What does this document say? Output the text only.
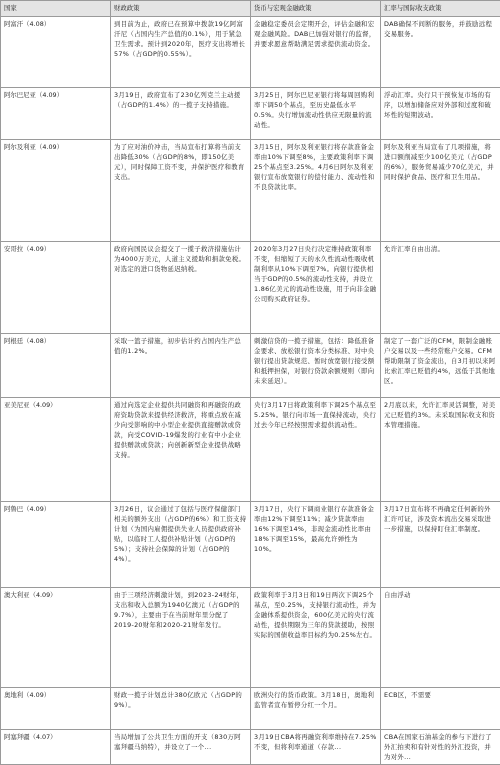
国家	财政政策	货币与宏观金融政策	汇率与国际收支政策
阿富汗（4.08）	到目前为止，政府已在预算中拨款19亿阿富汗尼（占国内生产总值的0.1%），用于紧急卫生需求。预计到2020年，医疗支出将增长57%（占GDP的0.55%）。	金融稳定委员会定期开会，评估金融和宏观金融风险。DAB已加强对银行的监督，并要求愿意帮助满足需求提供流动资金。	DAB确保不间断的服务，并鼓励远程交易服务。
阿尔巴尼亚（4.09）	3月19日，政府宣布了230亿列克兰主动援（占GDP的1.4%）的一揽子支持措施。	3月25日，阿尔巴尼亚银行将每周回购利率下调50个基点，至历史最低水平0.5%。央行增加流动性供应无限量的流动性。	浮动汇率。央行只干预恢复市场的有序，以增加储备应对外部和过度和破坏性的短期波动。
阿尔及利亚（4.09）	为了应对油价冲击，当局宣布打算将当前支出降低30%（占GDP的8%，即150亿美元），同时保障工资不变，并保护医疗和教育支出。	3月15日，阿尔及利亚银行将存款准备金率由10%下调至8%，主要政策利率下调25个基点至3.25%。4月6日阿尔及利亚银行宣布放宽银行的偿付能力、流动性和不良贷款比率。	阿尔及利亚当局宣布了几项措施，将进口额削减至少100亿美元（占GDP的6%），服务贸易减少70亿美元，并同时保护食品、医疗和卫生用品。
安哥拉（4.09）	政府向国民议会提交了一揽子救济措施估计为4000万美元，人道主义援助和捐款免税。对选定的进口货物延迟纳税。	2020年3月27日央行决定维持政策利率不变，但缩短了天的永久性流动性吸收机制利率从10%下调至7%。向银行提供相当于GDP的0.5%的流动性支持，并设立1.86亿美元的流动性设施，用于向非金融公司购买政府证券。	允许汇率自由出清。
阿根廷（4.08）	采取一篮子措施，初步估计约占国内生产总值的1.2%。	刺激信贷的一揽子措施，包括：降低准备金要求、放松银行资本分类标准、对中央银行提出贷款规范、暂时放宽银行接受额和抵押担保，对银行贷款余额规则（即向未来延迟）。	制定了一套广泛的CFM，限制金融账户交易以及一些经常账户交易。CFM帮助限制了资金流出，自3月初以来阿比索汇率已贬值约4%，远低于其他地区。
亚美尼亚（4.09）	通过向选定企业提供共同融资和再融资的政府资助贷款来提供经济救济，将重点放在减少向受影响的中小型企业提供直接赠款或贷款，向受COVID-19爆发的行业有中小企业提供赠款或贷款；向创新新型企业提供战略支持。	央行3月17日将政策利率下调25个基点至5.25%。银行向市场一直保持流动，央行过去今年已经按照需求提供流动性。	2月底以来，允许汇率灵活调整，对美元已贬值约3%。未采取国际收支和资本管理措施。
阿鲁巴（4.09）	3月26日，议会通过了包括与医疗保健部门相关的额外支出（占GDP的6%）和工资支持计划（为国内雇佣提供失业人员提供政府补贴，以临时工人提供补贴计划（占GDP的5%）；支持社会保障的计划（占GDP的4%）。	3月17日，央行下调商业银行存款准备金率由12%下调至11%；减少贷款率由16%下调至14%，非现金流动性比率由18%下调至15%，最高允许弹性为10%。	3月17日宣布将不再确定任何新的外汇许可证，涉及资本流出交易采取进一步措施，以保持盯住汇率制度。
澳大利亚（4.09）	由于三项经济刺激计划，到2023-24财年，支出和收入总额为1940亿澳元（占GDP的9.7%），主要由于在当前财年里分配了2019-20财年和2020-21财年发行。	政策利率于3月3日和19日两次下调25个基点，至0.25%，支持银行流动性，并为金融体系提供资金，600亿美元的央行流动性，提供期限为三年的贷款援助，按照实际的国债收益率目标约为0.25%左右。	自由浮动
奥地利（4.09）	财政一揽子计划总计380亿欧元（占GDP的9%）。	欧洲央行的货币政策。3月18日，奥地利监管者宣布暂停分红一个月。	ECB区，不需要
阿塞拜疆（4.07）	当局增加了公共卫生方面的开支（830万阿塞拜疆马纳特），并设立了一个...	3月19日CBA将再融资利率维持在7.25%不变，但将利率通道（存款...	CBA在国家石油基金的参与下进行了外汇拍卖和有针对性的外汇投资，并为对外...
